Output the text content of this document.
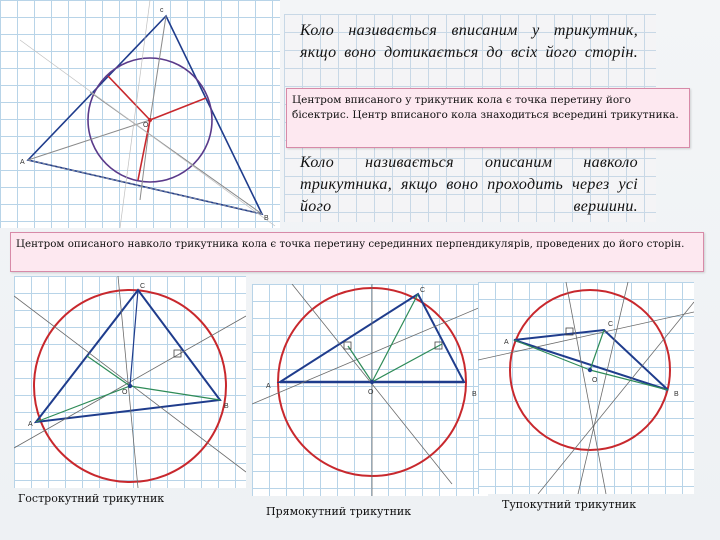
c
A
B
O
Коло називається вписаним у трикутник, якщо воно дотикається до всіх його сторін.
Коло називається описаним навколо трикутника, якщо воно проходить через усі його вершини.
Центром вписаного у трикутник кола є точка перетину його бісектрис. Центр вписаного кола знаходиться всередині трикутника.
Центром описаного навколо трикутника кола є точка перетину серединних перпендикулярів, проведених до його сторін.
C
A
B
O
C
A
B
O
A
B
C
O
Гострокутний трикутник
Прямокутний трикутник
Тупокутний трикутник
